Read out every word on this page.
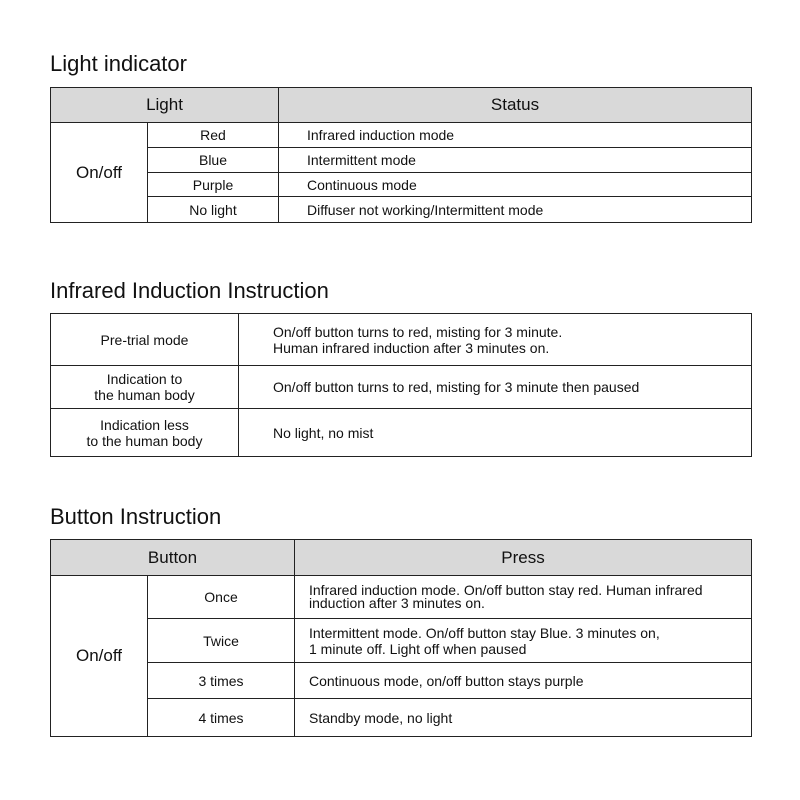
Light indicator
Light		Status
On/off	Red	Infrared induction mode
	Blue	Intermittent mode
	Purple	Continuous mode
	No light	Diffuser not working/Intermittent mode
Infrared Induction Instruction
Pre-trial mode	On/off button turns to red, misting for 3 minute.
Human infrared induction after 3 minutes on.

Indication to
the human body	On/off button turns to red, misting for 3 minute then paused

Indication less
to the human body	No light, no mist
Button Instruction
Button		Press
On/off	Once	Infrared induction mode. On/off button stay red. Human infrared
induction after 3 minutes on.

	Twice	Intermittent mode. On/off button stay Blue. 3 minutes on,
1 minute off. Light off when paused

	3 times	Continuous mode, on/off button stays purple

	4 times	Standby mode, no light
